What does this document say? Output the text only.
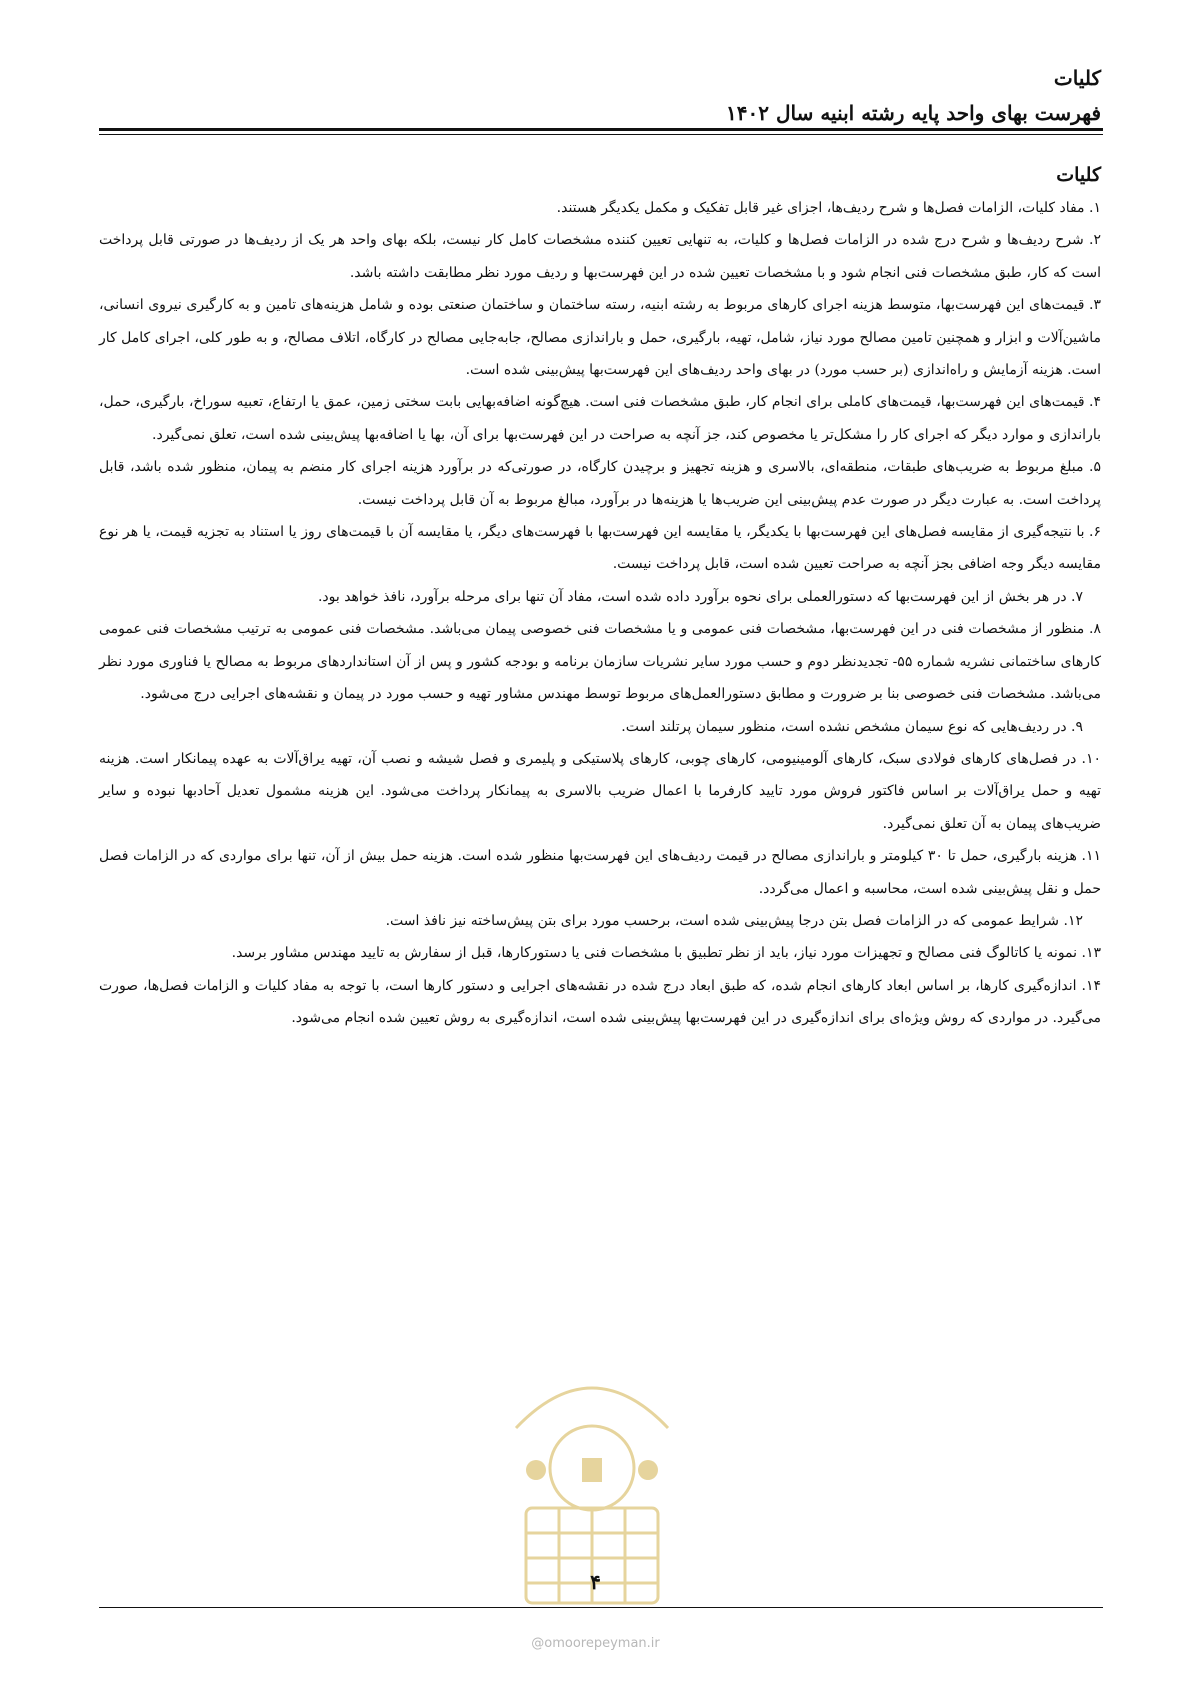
کلیات
فهرست بهای واحد پایه رشته ابنیه سال ۱۴۰۲
کلیات

۱. مفاد کلیات، الزامات فصل‌ها و شرح ردیف‌ها، اجزای غیر قابل تفکیک و مکمل یکدیگر هستند.

۲. شرح ردیف‌ها و شرح درج شده در الزامات فصل‌ها و کلیات، به تنهایی تعیین کننده مشخصات کامل کار نیست، بلکه بهای واحد هر یک از ردیف‌ها در صورتی قابل پرداخت است که کار، طبق مشخصات فنی انجام شود و با مشخصات تعیین شده در این فهرست‌بها و ردیف مورد نظر مطابقت داشته باشد.

۳. قیمت‌های این فهرست‌بها، متوسط هزینه اجرای کارهای مربوط به رشته ابنیه، رسته ساختمان و ساختمان صنعتی بوده و شامل هزینه‌های تامین و به کارگیری نیروی انسانی، ماشین‌آلات و ابزار و همچنین تامین مصالح مورد نیاز، شامل، تهیه، بارگیری، حمل و باراندازی مصالح، جابه‌جایی مصالح در کارگاه، اتلاف مصالح، و به طور کلی، اجرای کامل کار است. هزینه آزمایش و راه‌اندازی (بر حسب مورد) در بهای واحد ردیف‌های این فهرست‌بها پیش‌بینی شده است.

۴. قیمت‌های این فهرست‌بها، قیمت‌های کاملی برای انجام کار، طبق مشخصات فنی است. هیچ‌گونه اضافه‌بهایی بابت سختی زمین، عمق یا ارتفاع، تعبیه سوراخ، بارگیری، حمل، باراندازی و موارد دیگر که اجرای کار را مشکل‌تر یا مخصوص کند، جز آنچه به صراحت در این فهرست‌بها برای آن، بها یا اضافه‌بها پیش‌بینی شده است، تعلق نمی‌گیرد.

۵. مبلغ مربوط به ضریب‌های طبقات، منطقه‌ای، بالاسری و هزینه تجهیز و برچیدن کارگاه، در صورتی‌که در برآورد هزینه اجرای کار منضم به پیمان، منظور شده باشد، قابل پرداخت است. به عبارت دیگر در صورت عدم پیش‌بینی این ضریب‌ها یا هزینه‌ها در برآورد، مبالغ مربوط به آن قابل پرداخت نیست.

۶. با نتیجه‌گیری از مقایسه فصل‌های این فهرست‌بها با یکدیگر، یا مقایسه این فهرست‌بها با فهرست‌های دیگر، یا مقایسه آن با قیمت‌های روز یا استناد به تجزیه قیمت، یا هر نوع مقایسه دیگر وجه اضافی بجز آنچه به صراحت تعیین شده است، قابل پرداخت نیست.

۷. در هر بخش از این فهرست‌بها که دستورالعملی برای نحوه برآورد داده شده است، مفاد آن تنها برای مرحله برآورد، نافذ خواهد بود.

۸. منظور از مشخصات فنی در این فهرست‌بها، مشخصات فنی عمومی و یا مشخصات فنی خصوصی پیمان می‌باشد. مشخصات فنی عمومی به ترتیب مشخصات فنی عمومی کارهای ساختمانی نشریه شماره ۵۵- تجدیدنظر دوم و حسب مورد سایر نشریات سازمان برنامه و بودجه کشور و پس از آن استانداردهای مربوط به مصالح یا فناوری مورد نظر می‌باشد. مشخصات فنی خصوصی بنا بر ضرورت و مطابق دستورالعمل‌های مربوط توسط مهندس مشاور تهیه و حسب مورد در پیمان و نقشه‌های اجرایی درج می‌شود.

۹. در ردیف‌هایی که نوع سیمان مشخص نشده است، منظور سیمان پرتلند است.

۱۰. در فصل‌های کارهای فولادی سبک، کارهای آلومینیومی، کارهای چوبی، کارهای پلاستیکی و پلیمری و فصل شیشه و نصب آن، تهیه یراق‌آلات به عهده پیمانکار است. هزینه تهیه و حمل یراق‌آلات بر اساس فاکتور فروش مورد تایید کارفرما با اعمال ضریب بالاسری به پیمانکار پرداخت می‌شود. این هزینه مشمول تعدیل آحادبها نبوده و سایر ضریب‌های پیمان به آن تعلق نمی‌گیرد.

۱۱. هزینه بارگیری، حمل تا ۳۰ کیلومتر و باراندازی مصالح در قیمت ردیف‌های این فهرست‌بها منظور شده است. هزینه حمل بیش از آن، تنها برای مواردی که در الزامات فصل حمل و نقل پیش‌بینی شده است، محاسبه و اعمال می‌گردد.

۱۲. شرایط عمومی که در الزامات فصل بتن درجا پیش‌بینی شده است، برحسب مورد برای بتن پیش‌ساخته نیز نافذ است.

۱۳. نمونه یا کاتالوگ فنی مصالح و تجهیزات مورد نیاز، باید از نظر تطبیق با مشخصات فنی یا دستورکارها، قبل از سفارش به تایید مهندس مشاور برسد.

۱۴. اندازه‌گیری کارها، بر اساس ابعاد کارهای انجام شده، که طبق ابعاد درج شده در نقشه‌های اجرایی و دستور کارها است، با توجه به مفاد کلیات و الزامات فصل‌ها، صورت می‌گیرد. در مواردی که روش ویژه‌ای برای اندازه‌گیری در این فهرست‌بها پیش‌بینی شده است، اندازه‌گیری به روش تعیین شده انجام می‌شود.

۴
@omoorepeyman.ir
